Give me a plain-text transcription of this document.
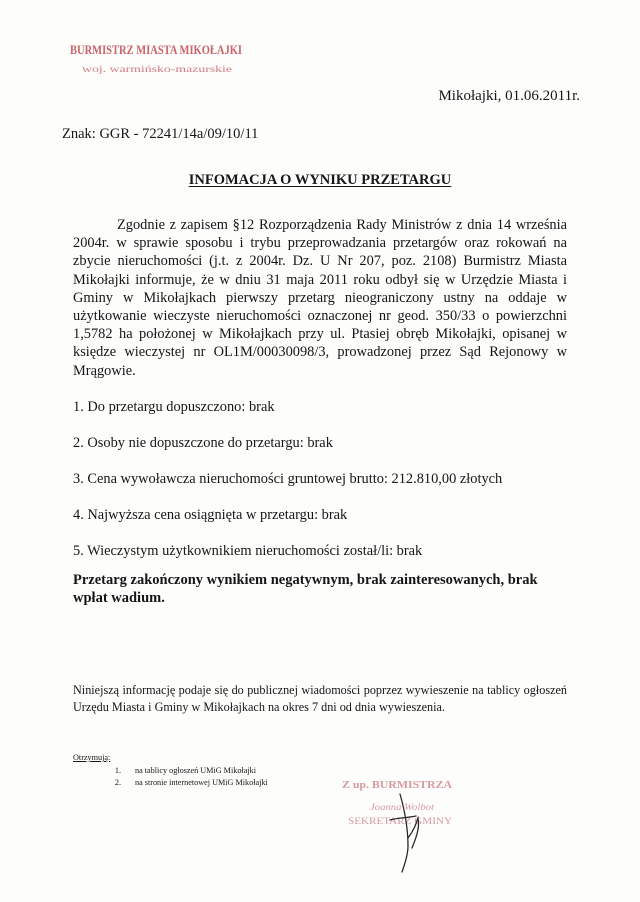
BURMISTRZ MIASTA MIKOŁAJKI
woj. warmińsko-mazurskie
Mikołajki, 01.06.2011r.
Znak: GGR - 72241/14a/09/10/11
INFOMACJA O WYNIKU PRZETARGU

Zgodnie z zapisem §12 Rozporządzenia Rady Ministrów z dnia 14 września 2004r. w sprawie sposobu i trybu przeprowadzania przetargów oraz rokowań na zbycie nieruchomości (j.t. z 2004r. Dz. U Nr 207, poz. 2108) Burmistrz Miasta Mikołajki informuje, że w dniu 31 maja 2011 roku odbył się w Urzędzie Miasta i Gminy w Mikołajkach pierwszy przetarg nieograniczony ustny na oddaje w użytkowanie wieczyste nieruchomości oznaczonej nr geod. 350/33 o powierzchni 1,5782 ha położonej w Mikołajkach przy ul. Ptasiej obręb Mikołajki, opisanej w księdze wieczystej nr OL1M/00030098/3, prowadzonej przez Sąd Rejonowy w Mrągowie.

1. Do przetargu dopuszczono: brak
2. Osoby nie dopuszczone do przetargu: brak
3. Cena wywoławcza nieruchomości gruntowej brutto: 212.810,00 złotych
4. Najwyższa cena osiągnięta w przetargu: brak
5. Wieczystym użytkownikiem nieruchomości został/li: brak

Przetarg zakończony wynikiem negatywnym, brak zainteresowanych, brak wpłat wadium.

Niniejszą informację podaje się do publicznej wiadomości poprzez wywieszenie na tablicy ogłoszeń Urzędu Miasta i Gminy w Mikołajkach na okres 7 dni od dnia wywieszenia.

Otrzymują:
1.	na tablicy ogłoszeń UMiG Mikołajki
2.	na stronie internetowej UMiG Mikołajki	Z up. BURMISTRZA
Joanna Wolbot
SEKRETARZ GMINY
